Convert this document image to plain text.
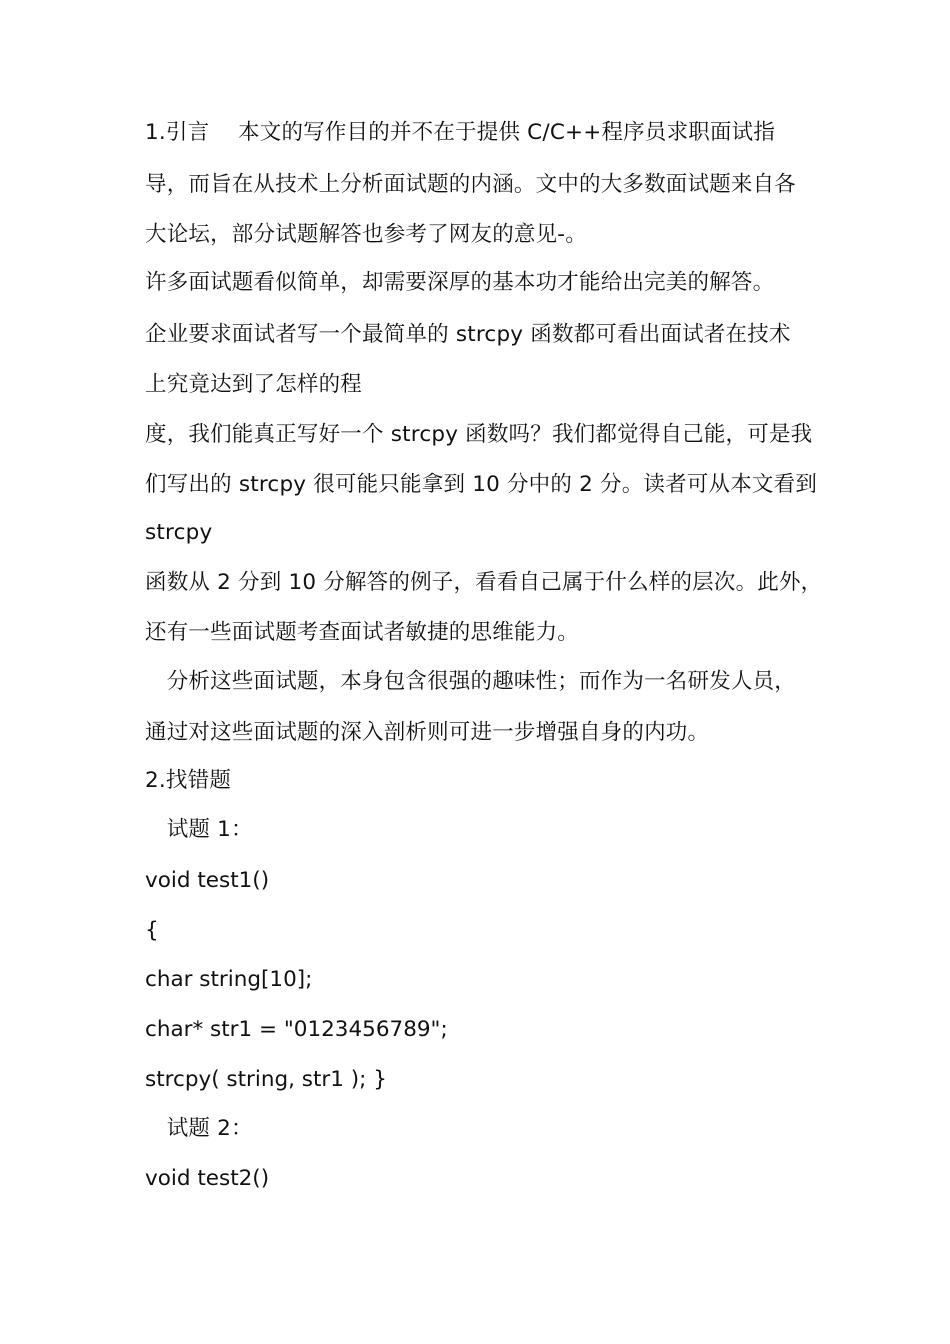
1.引言　 本文的写作目的并不在于提供 C/C++程序员求职面试指
导，而旨在从技术上分析面试题的内涵。文中的大多数面试题来自各
大论坛，部分试题解答也参考了网友的意见-。
许多面试题看似简单，却需要深厚的基本功才能给出完美的解答。
企业要求面试者写一个最简单的 strcpy 函数都可看出面试者在技术
上究竟达到了怎样的程
度，我们能真正写好一个 strcpy 函数吗？我们都觉得自己能，可是我
们写出的 strcpy 很可能只能拿到 10 分中的 2 分。读者可从本文看到
strcpy
函数从 2 分到 10 分解答的例子，看看自己属于什么样的层次。此外，
还有一些面试题考查面试者敏捷的思维能力。
　分析这些面试题，本身包含很强的趣味性；而作为一名研发人员，
通过对这些面试题的深入剖析则可进一步增强自身的内功。
2.找错题
　试题 1：
void test1()
{
char string[10];
char* str1 = "0123456789";
strcpy( string, str1 ); }
　试题 2：
void test2()
